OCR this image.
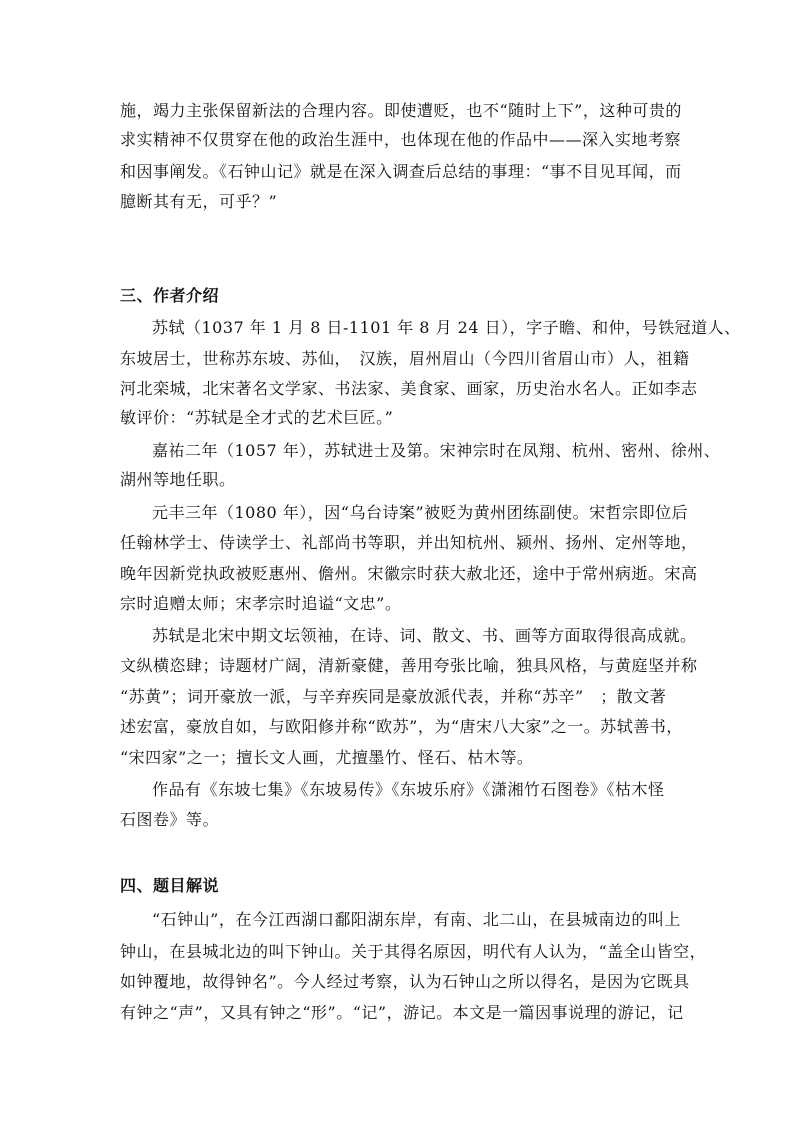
施，竭力主张保留新法的合理内容。即使遭贬，也不“随时上下”，这种可贵的
求实精神不仅贯穿在他的政治生涯中，也体现在他的作品中——深入实地考察
和因事阐发。《石钟山记》就是在深入调查后总结的事理：“事不目见耳闻，而
臆断其有无，可乎？”
三、作者介绍
苏轼（1037 年 1 月 8 日-1101 年 8 月 24 日），字子瞻、和仲，号铁冠道人、
东坡居士，世称苏东坡、苏仙，　汉族，眉州眉山（今四川省眉山市）人，祖籍
河北栾城，北宋著名文学家、书法家、美食家、画家，历史治水名人。正如李志
敏评价：“苏轼是全才式的艺术巨匠。”
嘉祐二年（1057 年），苏轼进士及第。宋神宗时在凤翔、杭州、密州、徐州、
湖州等地任职。
元丰三年（1080 年），因“乌台诗案”被贬为黄州团练副使。宋哲宗即位后
任翰林学士、侍读学士、礼部尚书等职，并出知杭州、颍州、扬州、定州等地，
晚年因新党执政被贬惠州、儋州。宋徽宗时获大赦北还，途中于常州病逝。宋高
宗时追赠太师；宋孝宗时追谥“文忠”。
苏轼是北宋中期文坛领袖，在诗、词、散文、书、画等方面取得很高成就。
文纵横恣肆；诗题材广阔，清新豪健，善用夸张比喻，独具风格，与黄庭坚并称
“苏黄”；词开豪放一派，与辛弃疾同是豪放派代表，并称“苏辛”　；散文著
述宏富，豪放自如，与欧阳修并称“欧苏”，为“唐宋八大家”之一。苏轼善书，
“宋四家”之一；擅长文人画，尤擅墨竹、怪石、枯木等。
作品有《东坡七集》《东坡易传》《东坡乐府》《潇湘竹石图卷》《枯木怪
石图卷》等。
四、题目解说
“石钟山”，在今江西湖口鄱阳湖东岸，有南、北二山，在县城南边的叫上
钟山，在县城北边的叫下钟山。关于其得名原因，明代有人认为，“盖全山皆空，
如钟覆地，故得钟名”。今人经过考察，认为石钟山之所以得名，是因为它既具
有钟之“声”，又具有钟之“形”。“记”，游记。本文是一篇因事说理的游记，记
